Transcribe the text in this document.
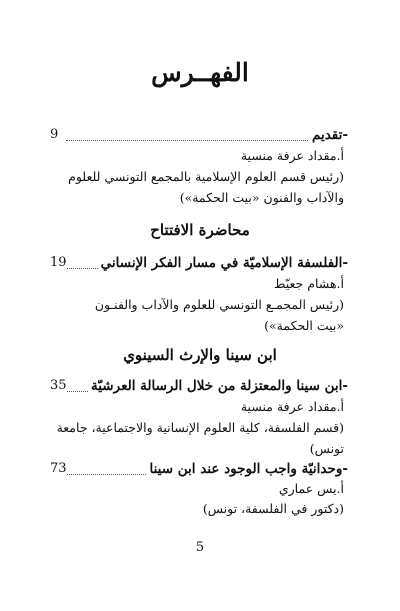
الفهــرس
-تقديم
9
أ.مقداد عرفة منسية
(رئيس قسم العلوم الإسلامية بالمجمع التونسي للعلوم
والآداب والفنون «بيت الحكمة»)
محاضرة الافتتاح
-الفلسفة الإسلاميّة في مسار الفكر الإنساني
19
أ.هشام جعيّط
(رئيس المجمـع التونسي للعلوم والآداب والفنـون
«بيت الحكمة»)
ابن سينا والإرث السينوي
-ابن سينا والمعتزلة من خلال الرسالة العرشيّة
35
أ.مقداد عرفة منسية
(قسم الفلسفة، كلية العلوم الإنسانية والاجتماعية، جامعة
تونس)
-وحدانيّة واجب الوجود عند ابن سينا
73
أ.يس عماري
(دكتور في الفلسفة، تونس)
5
